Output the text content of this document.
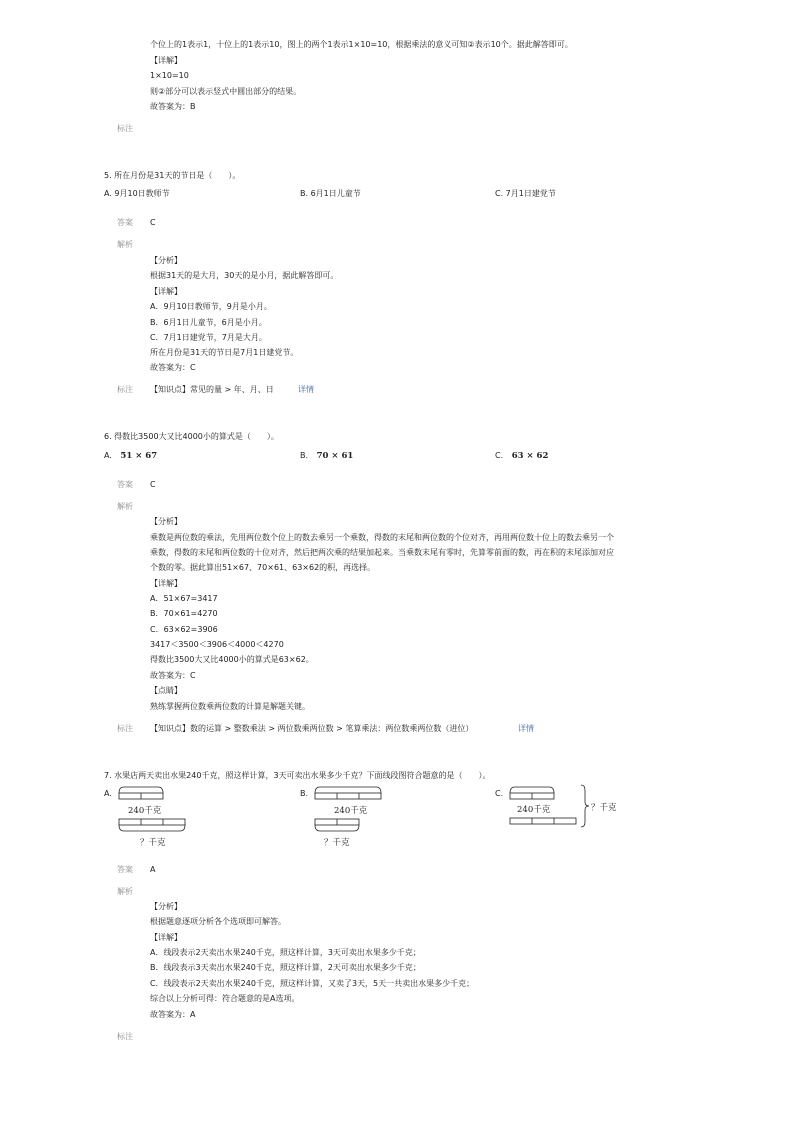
个位上的1表示1，十位上的1表示10，图上的两个1表示1×10=10，根据乘法的意义可知②表示10个。据此解答即可。
【详解】
1×10=10
则②部分可以表示竖式中圆出部分的结果。
故答案为：B
标注
5. 所在月份是31天的节日是（　　）。
A. 9月10日教师节	B. 6月1日儿童节	C. 7月1日建党节
答案 C
解析
【分析】
根据31天的是大月，30天的是小月，据此解答即可。
【详解】
A．9月10日教师节，9月是小月。
B．6月1日儿童节，6月是小月。
C．7月1日建党节，7月是大月。
所在月份是31天的节日是7月1日建党节。
故答案为：C
标注 【知识点】常见的量 > 年、月、日	详情
6. 得数比3500大又比4000小的算式是（　　）。
A. 51 × 67	B. 70 × 61	C. 63 × 62
答案 C
解析
【分析】
乘数是两位数的乘法，先用两位数个位上的数去乘另一个乘数，得数的末尾和两位数的个位对齐，再用两位数十位上的数去乘另一个
乘数，得数的末尾和两位数的十位对齐，然后把两次乘的结果加起来。当乘数末尾有零时，先算零前面的数，再在积的末尾添加对应
个数的零。据此算出51×67、70×61、63×62的积，再选择。
【详解】
A．51×67=3417
B．70×61=4270
C．63×62=3906
3417＜3500＜3906＜4000＜4270
得数比3500大又比4000小的算式是63×62。
故答案为：C
【点睛】
熟练掌握两位数乘两位数的计算是解题关键。
标注 【知识点】数的运算 > 整数乘法 > 两位数乘两位数 > 笔算乘法：两位数乘两位数（进位）	详情
7. 水果店两天卖出水果240千克，照这样计算，3天可卖出水果多少千克？下面线段图符合题意的是（　　）。
A.
240千克
？千克
B.
240千克
？千克
C.
240千克	？千克
答案 A
解析
【分析】
根据题意逐项分析各个选项即可解答。
【详解】
A．线段表示2天卖出水果240千克，照这样计算，3天可卖出水果多少千克；
B．线段表示3天卖出水果240千克，照这样计算，2天可卖出水果多少千克；
C．线段表示2天卖出水果240千克，照这样计算，又卖了3天，5天一共卖出水果多少千克；
综合以上分析可得：符合题意的是A选项。
故答案为：A
标注
